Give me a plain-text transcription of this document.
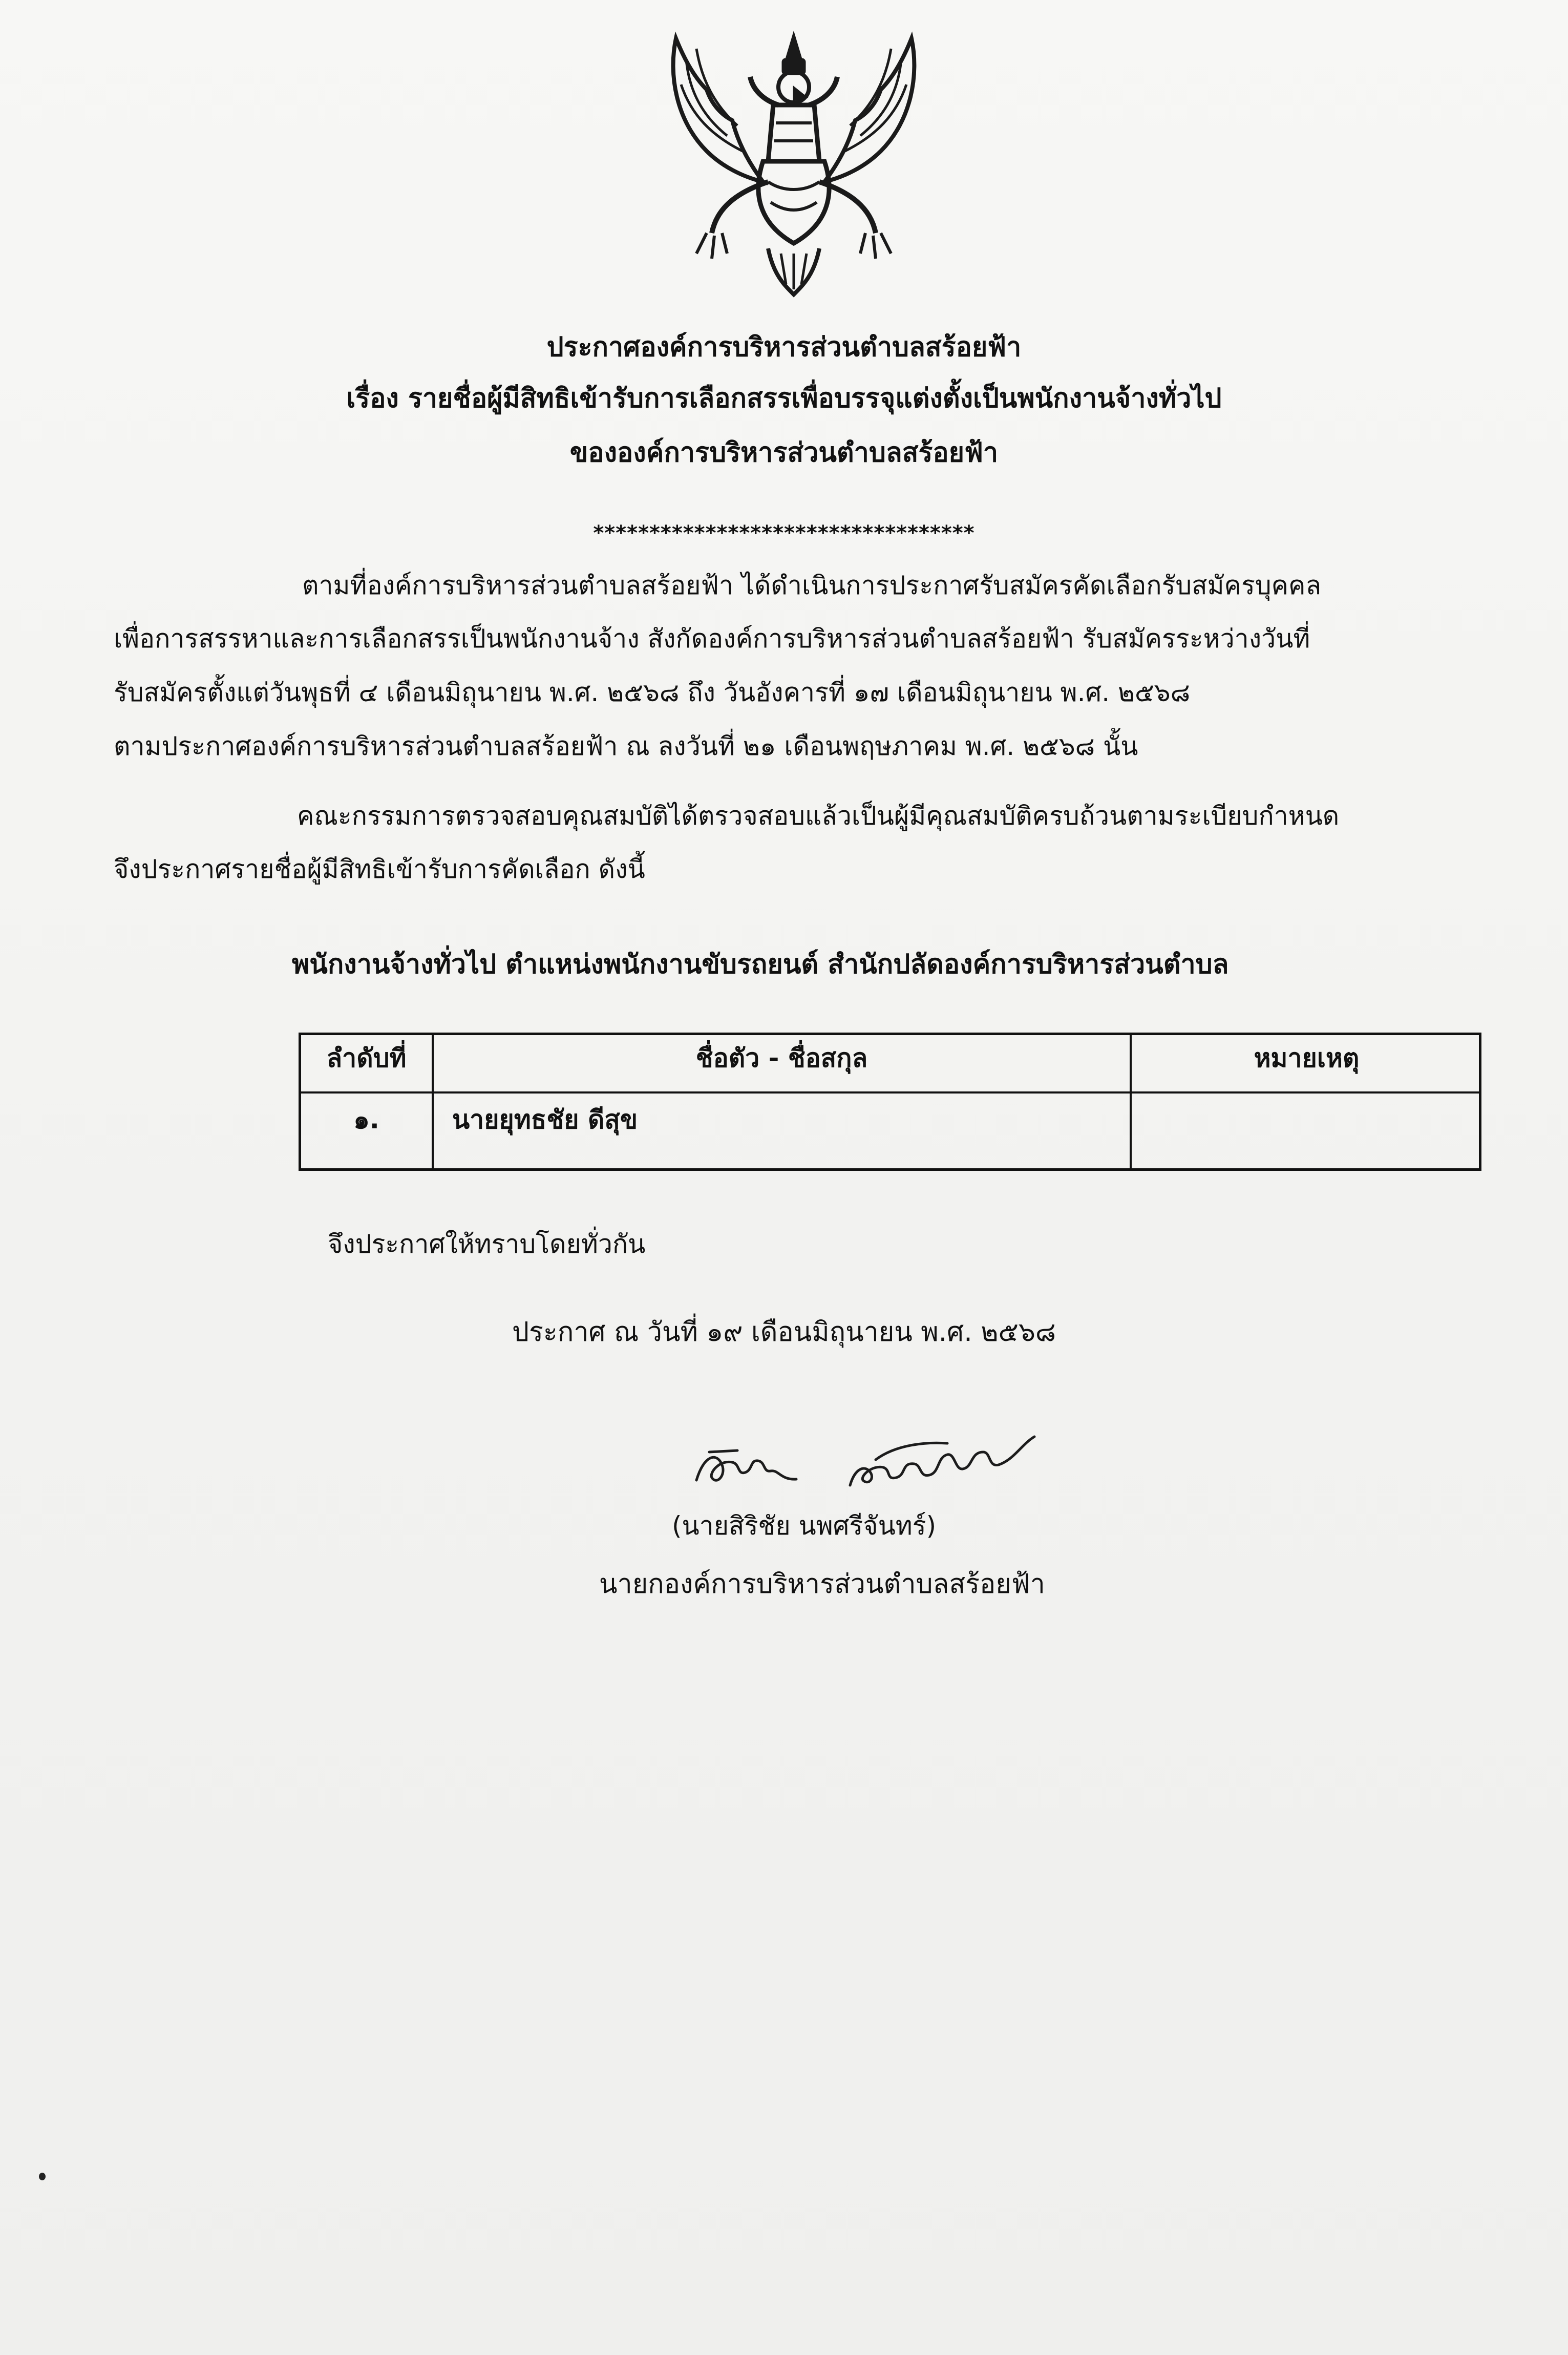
ประกาศองค์การบริหารส่วนตำบลสร้อยฟ้า
เรื่อง รายชื่อผู้มีสิทธิเข้ารับการเลือกสรรเพื่อบรรจุแต่งตั้งเป็นพนักงานจ้างทั่วไป
ขององค์การบริหารส่วนตำบลสร้อยฟ้า
**********************************
ตามที่องค์การบริหารส่วนตำบลสร้อยฟ้า ได้ดำเนินการประกาศรับสมัครคัดเลือกรับสมัครบุคคล
เพื่อการสรรหาและการเลือกสรรเป็นพนักงานจ้าง สังกัดองค์การบริหารส่วนตำบลสร้อยฟ้า รับสมัครระหว่างวันที่
รับสมัครตั้งแต่วันพุธที่ ๔ เดือนมิถุนายน พ.ศ. ๒๕๖๘ ถึง วันอังคารที่ ๑๗ เดือนมิถุนายน พ.ศ. ๒๕๖๘
ตามประกาศองค์การบริหารส่วนตำบลสร้อยฟ้า ณ ลงวันที่ ๒๑ เดือนพฤษภาคม พ.ศ. ๒๕๖๘ นั้น
คณะกรรมการตรวจสอบคุณสมบัติได้ตรวจสอบแล้วเป็นผู้มีคุณสมบัติครบถ้วนตามระเบียบกำหนด
จึงประกาศรายชื่อผู้มีสิทธิเข้ารับการคัดเลือก ดังนี้
พนักงานจ้างทั่วไป ตำแหน่งพนักงานขับรถยนต์ สำนักปลัดองค์การบริหารส่วนตำบล
ลำดับที่	ชื่อตัว - ชื่อสกุล	หมายเหตุ
๑.	นายยุทธชัย ดีสุข
จึงประกาศให้ทราบโดยทั่วกัน
ประกาศ ณ วันที่ ๑๙ เดือนมิถุนายน พ.ศ. ๒๕๖๘
(นายสิริชัย นพศรีจันทร์)
นายกองค์การบริหารส่วนตำบลสร้อยฟ้า
